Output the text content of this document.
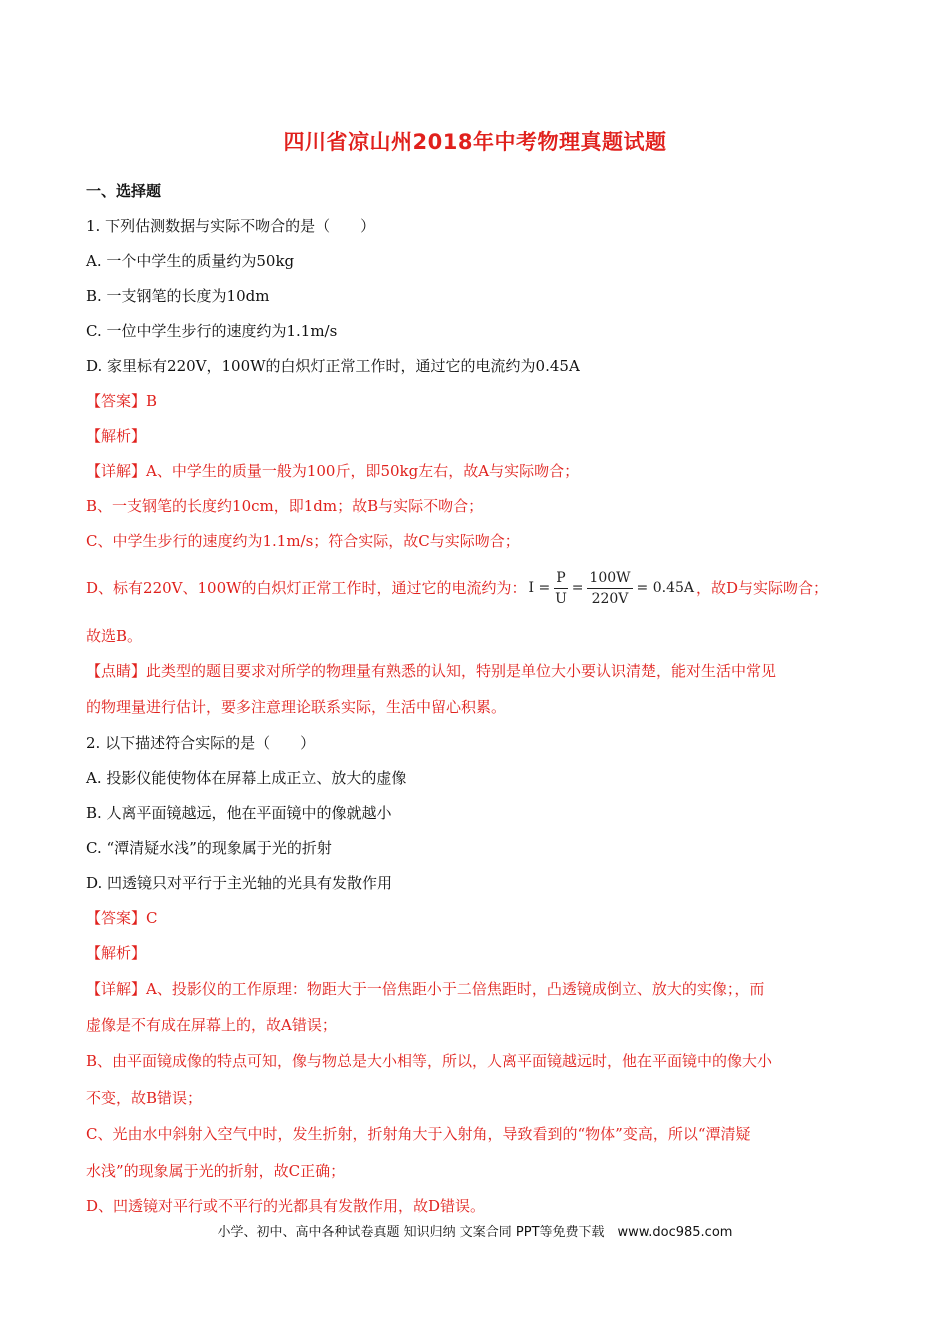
四川省凉山州2018年中考物理真题试题
一、选择题
1. 下列估测数据与实际不吻合的是（　　）
A. 一个中学生的质量约为50kg
B. 一支钢笔的长度为10dm
C. 一位中学生步行的速度约为1.1m/s
D. 家里标有220V，100W的白炽灯正常工作时，通过它的电流约为0.45A
【答案】B
【解析】
【详解】A、中学生的质量一般为100斤，即50kg左右，故A与实际吻合；
B、一支钢笔的长度约10cm，即1dm；故B与实际不吻合；
C、中学生步行的速度约为1.1m/s；符合实际，故C与实际吻合；
D、标有220V、100W的白炽灯正常工作时，通过它的电流约为： $I = \frac{P}{U} = \frac{100W}{220V} = 0.45A$ ，故D与实际吻合；
故选B。
【点睛】此类型的题目要求对所学的物理量有熟悉的认知，特别是单位大小要认识清楚，能对生活中常见
的物理量进行估计，要多注意理论联系实际，生活中留心积累。
2. 以下描述符合实际的是（　　）
A. 投影仪能使物体在屏幕上成正立、放大的虚像
B. 人离平面镜越远，他在平面镜中的像就越小
C. “潭清疑水浅”的现象属于光的折射
D. 凹透镜只对平行于主光轴的光具有发散作用
【答案】C
【解析】
【详解】A、投影仪的工作原理：物距大于一倍焦距小于二倍焦距时，凸透镜成倒立、放大的实像；，而
虚像是不有成在屏幕上的，故A错误；
B、由平面镜成像的特点可知，像与物总是大小相等，所以，人离平面镜越远时，他在平面镜中的像大小
不变，故B错误；
C、光由水中斜射入空气中时，发生折射，折射角大于入射角，导致看到的“物体”变高，所以“潭清疑
水浅”的现象属于光的折射，故C正确；
D、凹透镜对平行或不平行的光都具有发散作用，故D错误。
小学、初中、高中各种试卷真题 知识归纳 文案合同 PPT等免费下载　www.doc985.com
